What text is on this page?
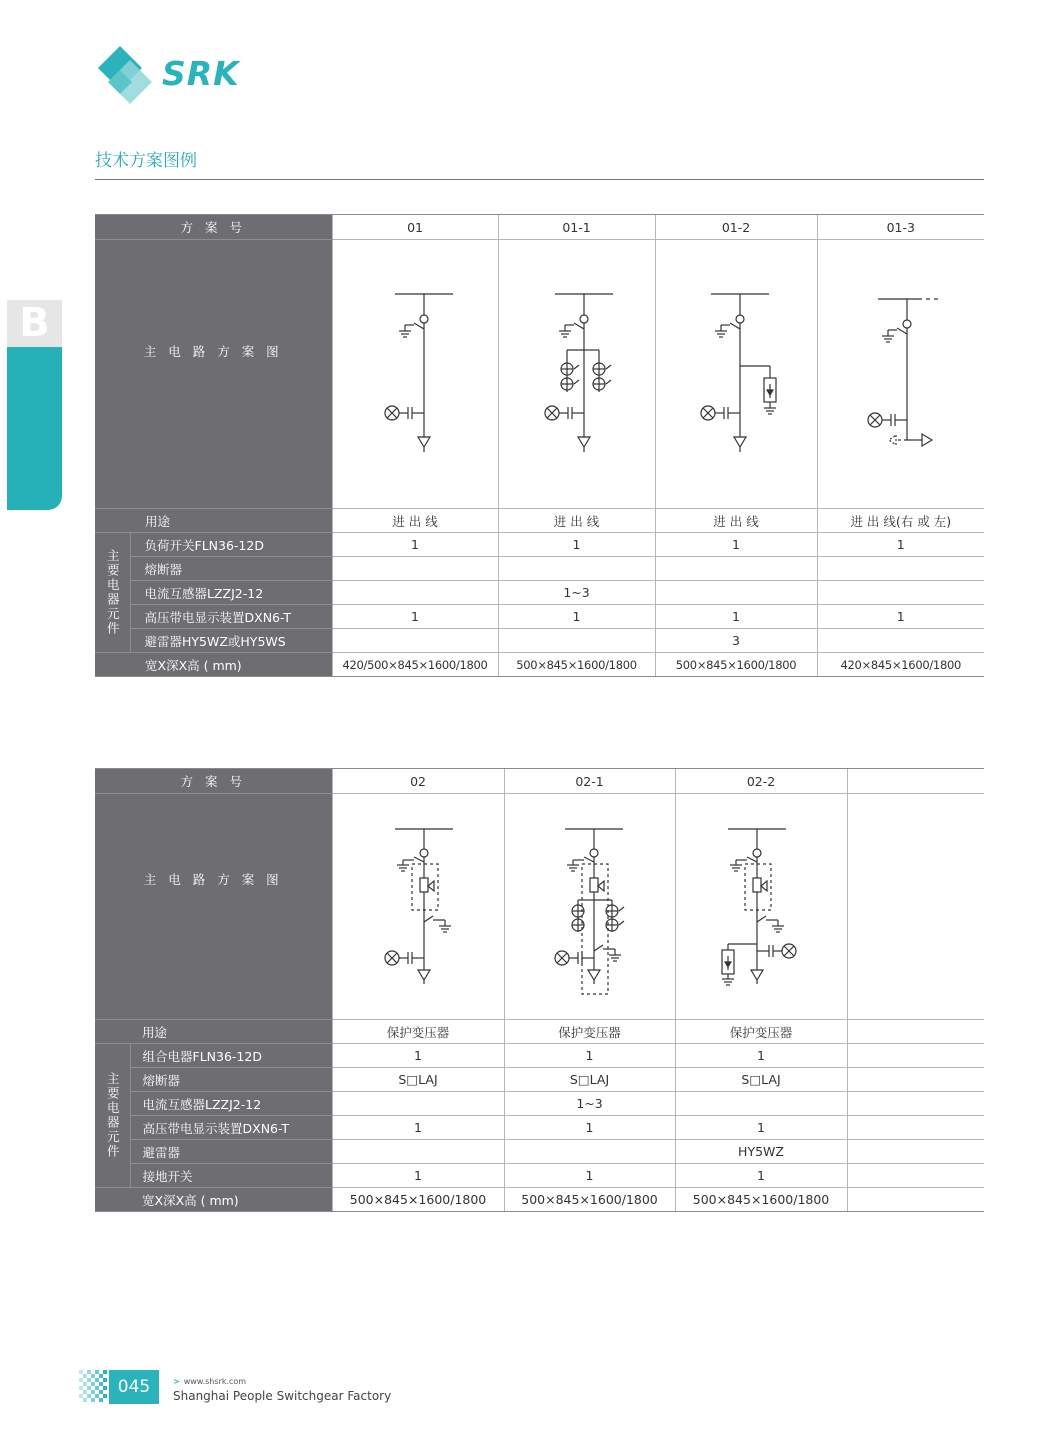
SRK
技术方案图例
B
高压开关柜设备
方 案 号		01	01-1	01-2	01-3
主 电 路 方 案 图	

用途		进 出 线	进 出 线	进 出 线	进 出 线(右 或 左)
主要电器元件	负荷开关FLN36-12D	1	1	1	1
	熔断器				
	电流互感器LZZJ2-12		1~3		
	高压带电显示装置DXN6-T	1	1	1	1
	避雷器HY5WZ或HY5WS			3	
宽X深X高 ( mm)		420/500×845×1600/1800	500×845×1600/1800	500×845×1600/1800	420×845×1600/1800
方 案 号		02	02-1	02-2	
主 电 路 方 案 图	

用途		保护变压器	保护变压器	保护变压器	
主要电器元件	组合电器FLN36-12D	1	1	1	
	熔断器	S□LAJ	S□LAJ	S□LAJ	
	电流互感器LZZJ2-12		1~3		
	高压带电显示装置DXN6-T	1	1	1	
	避雷器			HY5WZ	
	接地开关	1	1	1	
宽X深X高 ( mm)		500×845×1600/1800	500×845×1600/1800	500×845×1600/1800	
045	> www.shsrk.com
Shanghai People Switchgear Factory
